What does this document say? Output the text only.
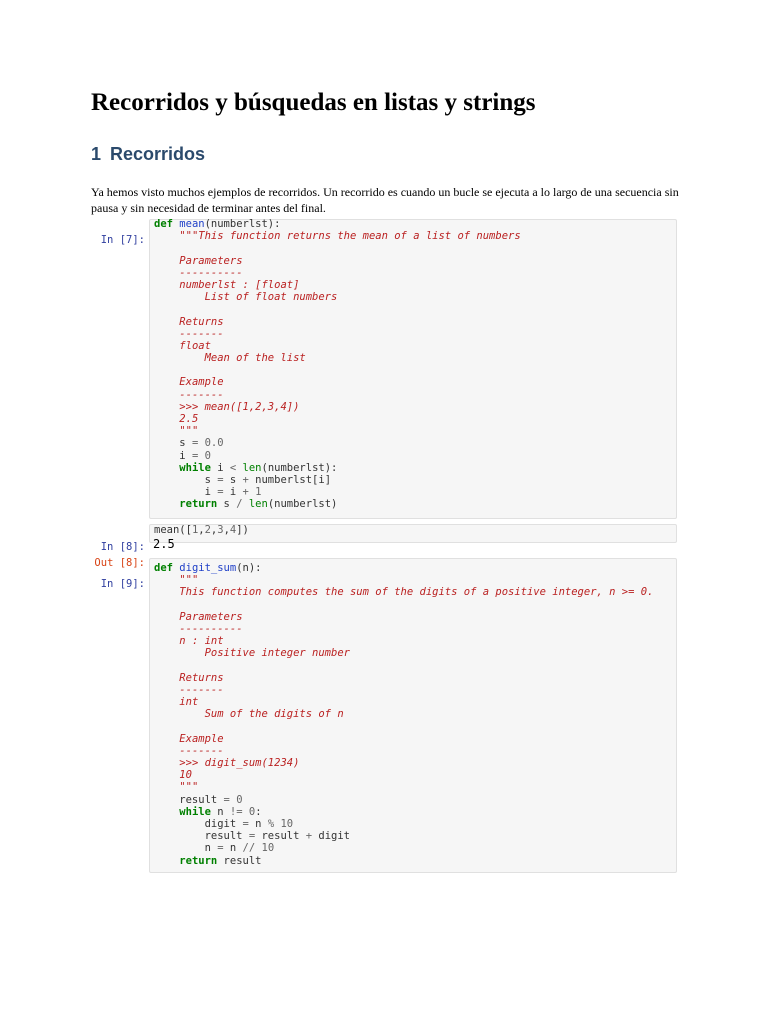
Recorridos y búsquedas en listas y strings
1 Recorridos

Ya hemos visto muchos ejemplos de recorridos. Un recorrido es cuando un bucle se ejecuta a lo largo de una secuencia sin pausa y sin necesidad de terminar antes del final.

In [7]:
def mean(numberlst):
"""This function returns the mean of a list of numbers
Parameters
----------
numberlst : [float]
List of float numbers
Returns
-------
float
Mean of the list
Example
-------
>>> mean([1,2,3,4])
2.5
"""
s = 0.0
i = 0
while i < len(numberlst):
s = s + numberlst[i]
i = i + 1
return s / len(numberlst)
In [8]:
mean([1,2,3,4])
Out [8]:
2.5
In [9]:
def digit_sum(n):
"""
This function computes the sum of the digits of a positive integer, n >= 0.
Parameters
----------
n : int
Positive integer number
Returns
-------
int
Sum of the digits of n
Example
-------
>>> digit_sum(1234)
10
"""
result = 0
while n != 0:
digit = n % 10
result = result + digit
n = n // 10
return result
